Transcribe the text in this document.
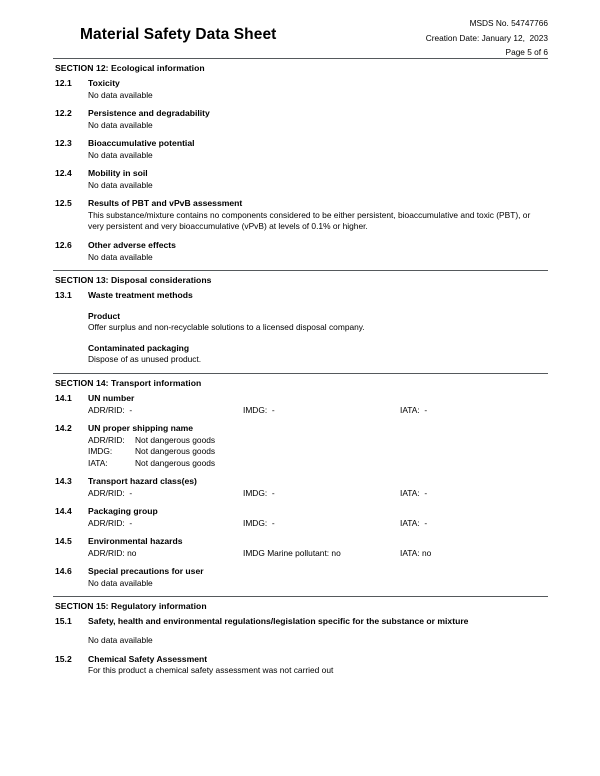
Material Safety Data Sheet
MSDS No. 54747766
Creation Date: January 12,  2023
Page 5 of 6
SECTION 12: Ecological information
12.1	Toxicity
No data available
12.2	Persistence and degradability
No data available
12.3	Bioaccumulative potential
No data available
12.4	Mobility in soil
No data available
12.5	Results of PBT and vPvB assessment
This substance/mixture contains no components considered to be either persistent, bioaccumulative and toxic (PBT), or very persistent and very bioaccumulative (vPvB) at levels of 0.1% or higher.
12.6	Other adverse effects
No data available
SECTION 13: Disposal considerations
13.1	Waste treatment methods
Product
Offer surplus and non-recyclable solutions to a licensed disposal company.
Contaminated packaging
Dispose of as unused product.
SECTION 14: Transport information
14.1	UN number
ADR/RID:  -	IMDG:  -	IATA:  -
14.2	UN proper shipping name
ADR/RID: Not dangerous goods
IMDG:	Not dangerous goods
IATA:	Not dangerous goods
14.3	Transport hazard class(es)
ADR/RID:  -	IMDG:  -	IATA:  -
14.4	Packaging group
ADR/RID:  -	IMDG:  -	IATA:  -
14.5	Environmental hazards
ADR/RID: no	IMDG Marine pollutant: no	IATA: no
14.6	Special precautions for user
No data available
SECTION 15: Regulatory information
15.1	Safety, health and environmental regulations/legislation specific for the substance or mixture
No data available
15.2	Chemical Safety Assessment
For this product a chemical safety assessment was not carried out
